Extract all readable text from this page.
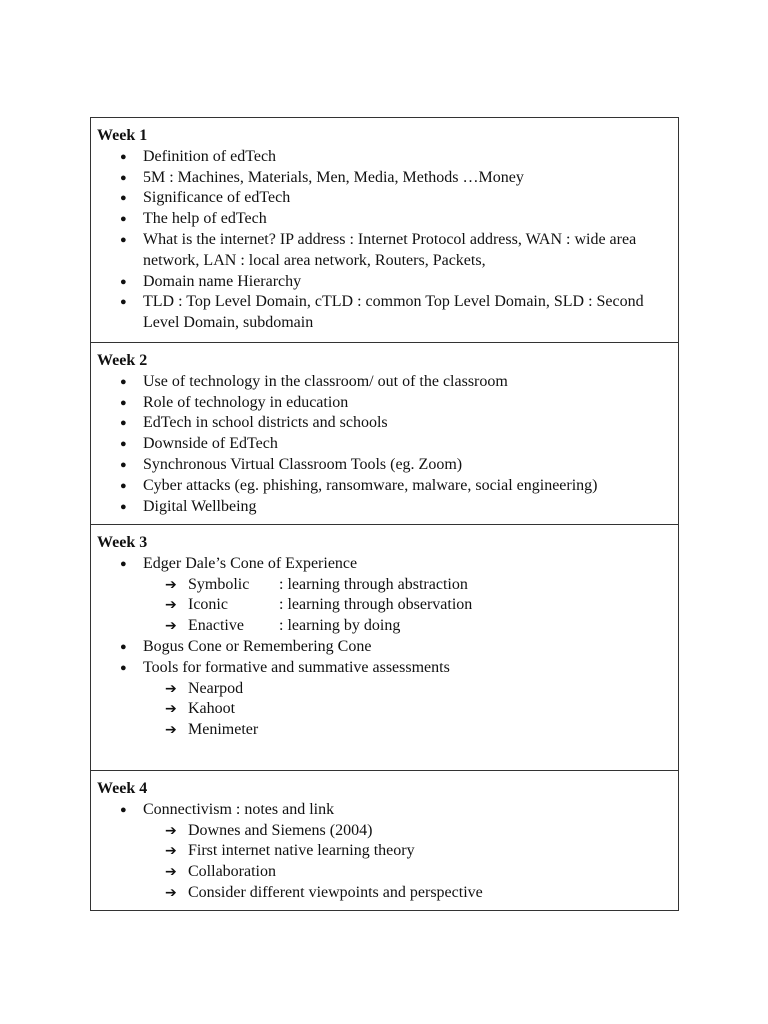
Week 1

● Definition of edTech
● 5M : Machines, Materials, Men, Media, Methods …Money
● Significance of edTech
● The help of edTech
● What is the internet? IP address : Internet Protocol address, WAN : wide area network, LAN : local area network, Routers, Packets,
● Domain name Hierarchy
● TLD : Top Level Domain, cTLD : common Top Level Domain, SLD : Second Level Domain, subdomain

Week 2

● Use of technology in the classroom/ out of the classroom
● Role of technology in education
● EdTech in school districts and schools
● Downside of EdTech
● Synchronous Virtual Classroom Tools (eg. Zoom)
● Cyber attacks (eg. phishing, ransomware, malware, social engineering)
● Digital Wellbeing

Week 3

● Edger Dale’s Cone of Experience
➔ Symbolic : learning through abstraction
➔ Iconic	: learning through observation
➔ Enactive : learning by doing
● Bogus Cone or Remembering Cone
● Tools for formative and summative assessments
➔ Nearpod
➔ Kahoot
➔ Menimeter

Week 4

● Connectivism : notes and link
➔ Downes and Siemens (2004)
➔ First internet native learning theory
➔ Collaboration
➔ Consider different viewpoints and perspective
